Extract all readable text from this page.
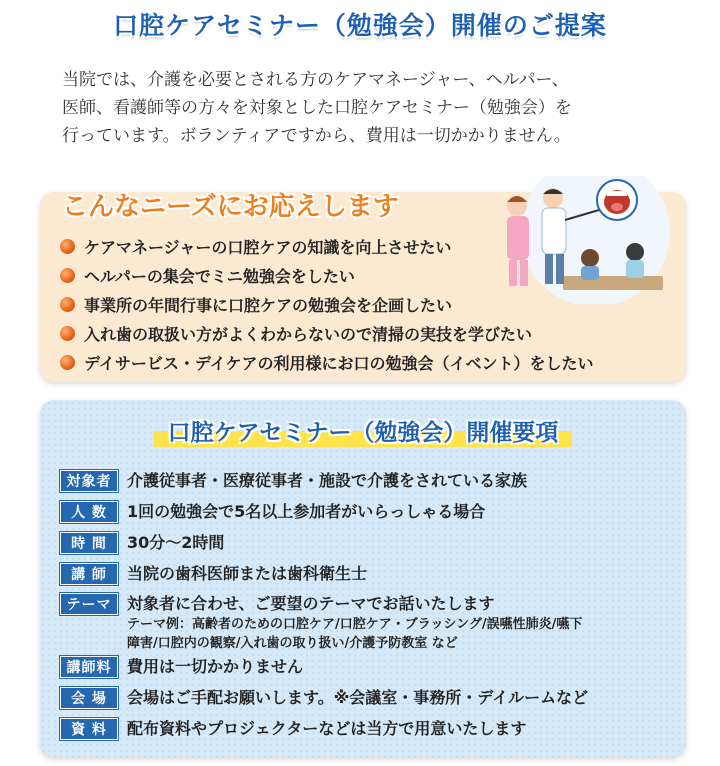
口腔ケアセミナー（勉強会）開催のご提案
当院では、介護を必要とされる方のケアマネージャー、ヘルパー、
医師、看護師等の方々を対象とした口腔ケアセミナー（勉強会）を
行っています。ボランティアですから、費用は一切かかりません。
こんなニーズにお応えします
ケアマネージャーの口腔ケアの知識を向上させたい
ヘルパーの集会でミニ勉強会をしたい
事業所の年間行事に口腔ケアの勉強会を企画したい
入れ歯の取扱い方がよくわからないので清掃の実技を学びたい
デイサービス・デイケアの利用様にお口の勉強会（イベント）をしたい
口腔ケアセミナー（勉強会）開催要項
対象者 介護従事者・医療従事者・施設で介護をされている家族
人 数	1回の勉強会で5名以上参加者がいらっしゃる場合
時 間	30分〜2時間
講 師	当院の歯科医師または歯科衛生士
テーマ 対象者に合わせ、ご要望のテーマでお話いたします
テーマ例：高齢者のための口腔ケア/口腔ケア・ブラッシング/誤嚥性肺炎/嚥下
障害/口腔内の観察/入れ歯の取り扱い/介護予防教室 など
講師料 費用は一切かかりません
会 場	会場はご手配お願いします。※会議室・事務所・デイルームなど
資 料	配布資料やプロジェクターなどは当方で用意いたします
